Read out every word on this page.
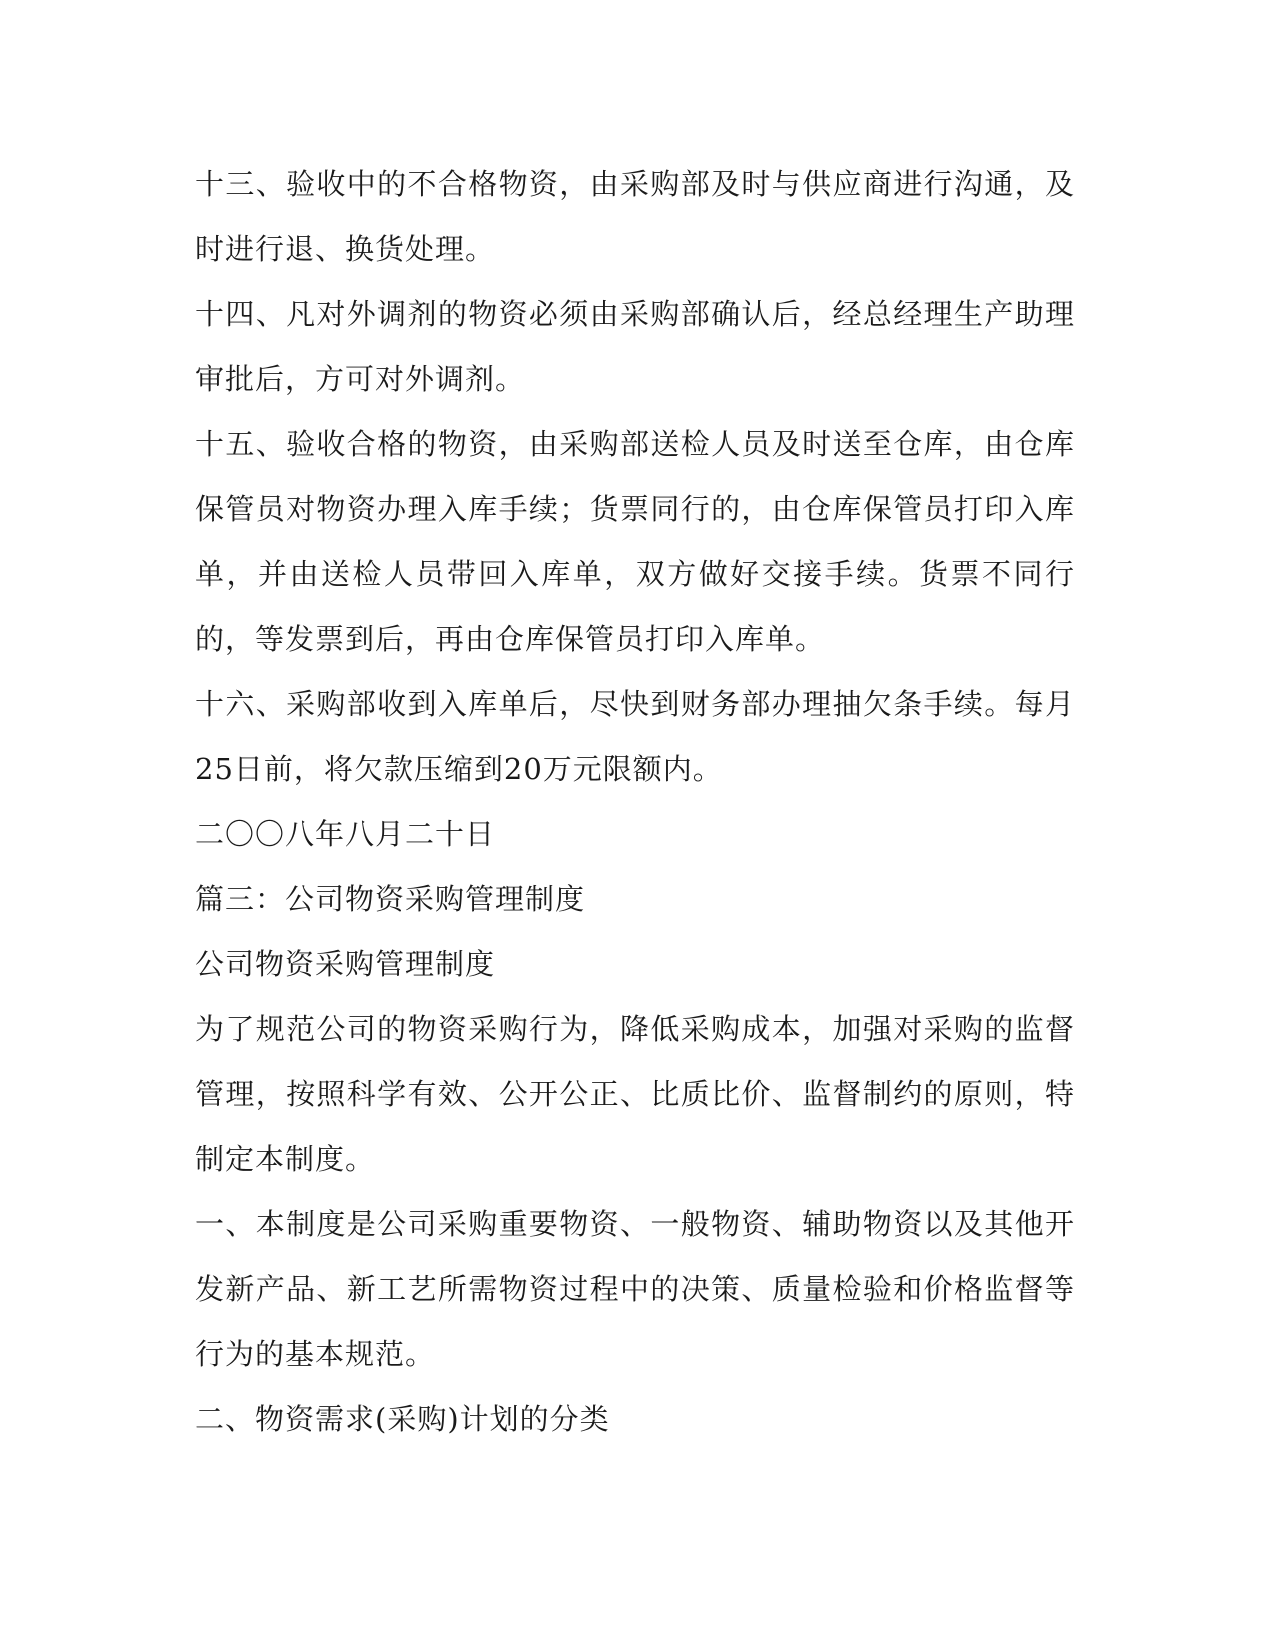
十三、验收中的不合格物资，由采购部及时与供应商进行沟通，及时进行退、换货处理。

十四、凡对外调剂的物资必须由采购部确认后，经总经理生产助理审批后，方可对外调剂。

十五、验收合格的物资，由采购部送检人员及时送至仓库，由仓库保管员对物资办理入库手续；货票同行的，由仓库保管员打印入库单，并由送检人员带回入库单，双方做好交接手续。货票不同行的，等发票到后，再由仓库保管员打印入库单。

十六、采购部收到入库单后，尽快到财务部办理抽欠条手续。每月25日前，将欠款压缩到20万元限额内。

二〇〇八年八月二十日

篇三：公司物资采购管理制度

公司物资采购管理制度

为了规范公司的物资采购行为，降低采购成本，加强对采购的监督管理，按照科学有效、公开公正、比质比价、监督制约的原则，特制定本制度。

一、本制度是公司采购重要物资、一般物资、辅助物资以及其他开发新产品、新工艺所需物资过程中的决策、质量检验和价格监督等行为的基本规范。

二、物资需求(采购)计划的分类
